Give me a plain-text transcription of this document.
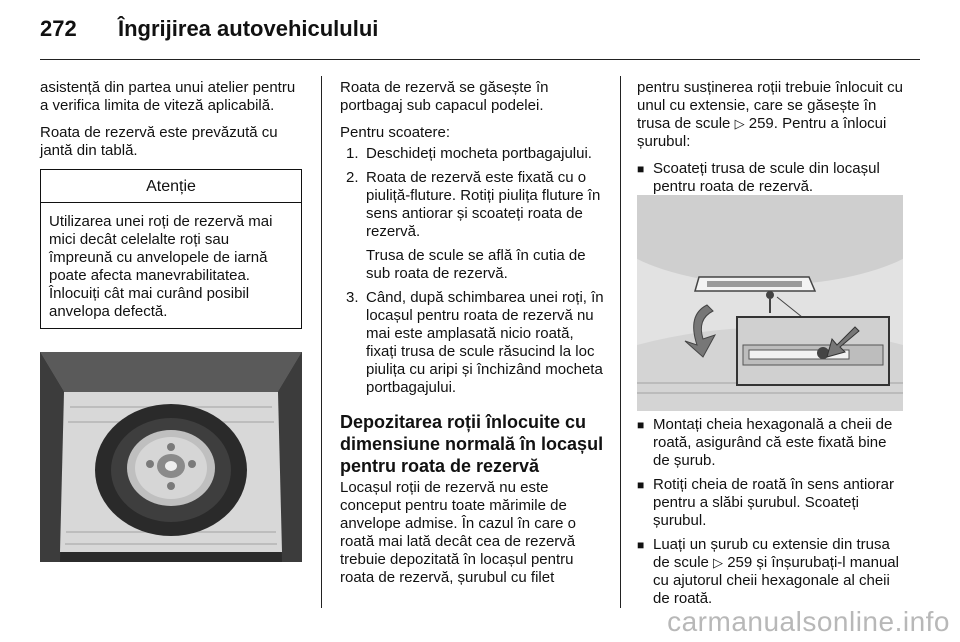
272 Îngrijirea autovehiculului

asistență din partea unui atelier pentru a verifica limita de viteză aplicabilă.

Roata de rezervă este prevăzută cu jantă din tablă.

Atenție
Utilizarea unei roți de rezervă mai mici decât celelalte roți sau împreună cu anvelopele de iarnă poate afecta manevrabilitatea. Înlocuiți cât mai curând posibil anvelopa defectă.

Roata de rezervă se găsește în portbagaj sub capacul podelei.

Pentru scoatere:

1. Deschideți mocheta portbagajului.
2. Roata de rezervă este fixată cu o piuliță-fluture. Rotiți piulița fluture în sens antiorar și scoateți roata de rezervă.
Trusa de scule se află în cutia de sub roata de rezervă.
3. Când, după schimbarea unei roți, în locașul pentru roata de rezervă nu mai este amplasată nicio roată, fixați trusa de scule răsucind la loc piulița cu aripi și închizând mocheta portbagajului.
Depozitarea roții înlocuite cu dimensiune normală în locașul pentru roata de rezervă

Locașul roții de rezervă nu este conceput pentru toate mărimile de anvelope admise. În cazul în care o roată mai lată decât cea de rezervă trebuie depozitată în locașul pentru roata de rezervă, șurubul cu filet

pentru susținerea roții trebuie înlocuit cu unul cu extensie, care se găsește în trusa de scule ▷ 259. Pentru a înlocui șurubul:

■ Scoateți trusa de scule din locașul pentru roata de rezervă.
■ Montați cheia hexagonală a cheii de roată, asigurând că este fixată bine de șurub.
■ Rotiți cheia de roată în sens antiorar pentru a slăbi șurubul. Scoateți șurubul.
■ Luați un șurub cu extensie din trusa de scule ▷ 259 și înșurubați-l manual cu ajutorul cheii hexagonale al cheii de roată.
carmanualsonline.info
